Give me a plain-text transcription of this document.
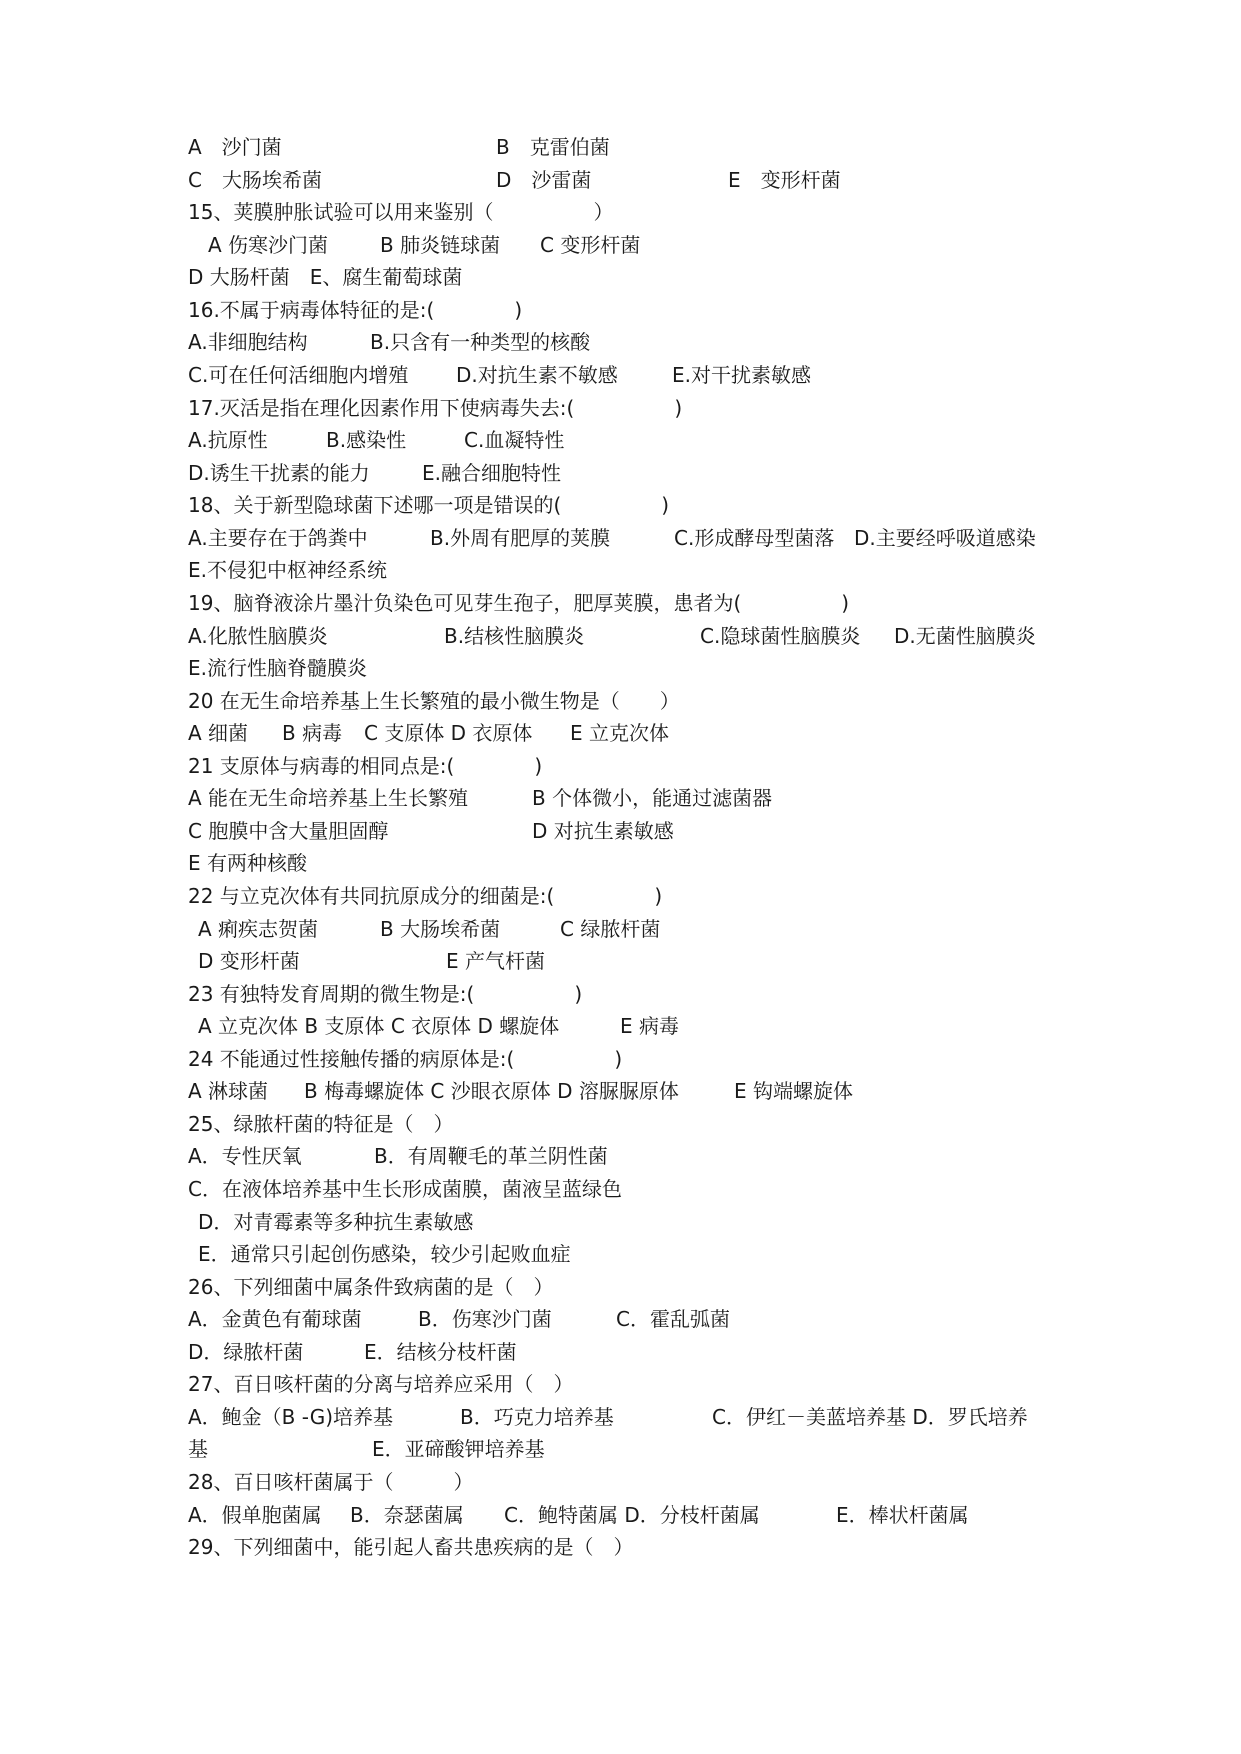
A　沙门菌	B　克雷伯菌
C　大肠埃希菌	D　沙雷菌	E　变形杆菌
15、荚膜肿胀试验可以用来鉴别（　　　　　）
A 伤寒沙门菌	B 肺炎链球菌 C 变形杆菌
D 大肠杆菌　E、腐生葡萄球菌
16.不属于病毒体特征的是:(　　　　)
A.非细胞结构	B.只含有一种类型的核酸
C.可在任何活细胞内增殖 D.对抗生素不敏感	E.对干扰素敏感
17.灭活是指在理化因素作用下使病毒失去:(　　　　　)
A.抗原性	B.感染性	C.血凝特性
D.诱生干扰素的能力	E.融合细胞特性
18、关于新型隐球菌下述哪一项是错误的(　　　　　)
A.主要存在于鸽粪中	B.外周有肥厚的荚膜	C.形成酵母型菌落 D.主要经呼吸道感染
E.不侵犯中枢神经系统
19、脑脊液涂片墨汁负染色可见芽生孢子，肥厚荚膜，患者为(　　　　　)
A.化脓性脑膜炎	B.结核性脑膜炎	C.隐球菌性脑膜炎 D.无菌性脑膜炎
E.流行性脑脊髓膜炎
20 在无生命培养基上生长繁殖的最小微生物是（　　）
A 细菌 B 病毒 C 支原体 D 衣原体 E 立克次体
21 支原体与病毒的相同点是:(　　　　)
A 能在无生命培养基上生长繁殖	B 个体微小，能通过滤菌器
C 胞膜中含大量胆固醇	D 对抗生素敏感
E 有两种核酸
22 与立克次体有共同抗原成分的细菌是:(　　　　　)
A 痢疾志贺菌	B 大肠埃希菌	C 绿脓杆菌
D 变形杆菌	E 产气杆菌
23 有独特发育周期的微生物是:(　　　　　)
A 立克次体 B 支原体 C 衣原体 D 螺旋体	E 病毒
24 不能通过性接触传播的病原体是:(　　　　　)
A 淋球菌 B 梅毒螺旋体 C 沙眼衣原体 D 溶脲脲原体	E 钩端螺旋体
25、绿脓杆菌的特征是（　）
A．专性厌氧	B．有周鞭毛的革兰阴性菌
C．在液体培养基中生长形成菌膜，菌液呈蓝绿色
D．对青霉素等多种抗生素敏感
E．通常只引起创伤感染，较少引起败血症
26、下列细菌中属条件致病菌的是（　）
A．金黄色有葡球菌	B．伤寒沙门菌	C．霍乱弧菌
D．绿脓杆菌	E．结核分枝杆菌
27、百日咳杆菌的分离与培养应采用（　）
A．鲍金（B -G)培养基	B．巧克力培养基	C．伊红－美蓝培养基 D．罗氏培养
基	E．亚碲酸钾培养基
28、百日咳杆菌属于（　　　）
A．假单胞菌属 B．奈瑟菌属 C．鲍特菌属 D．分枝杆菌属	E．棒状杆菌属
29、下列细菌中，能引起人畜共患疾病的是（　）
